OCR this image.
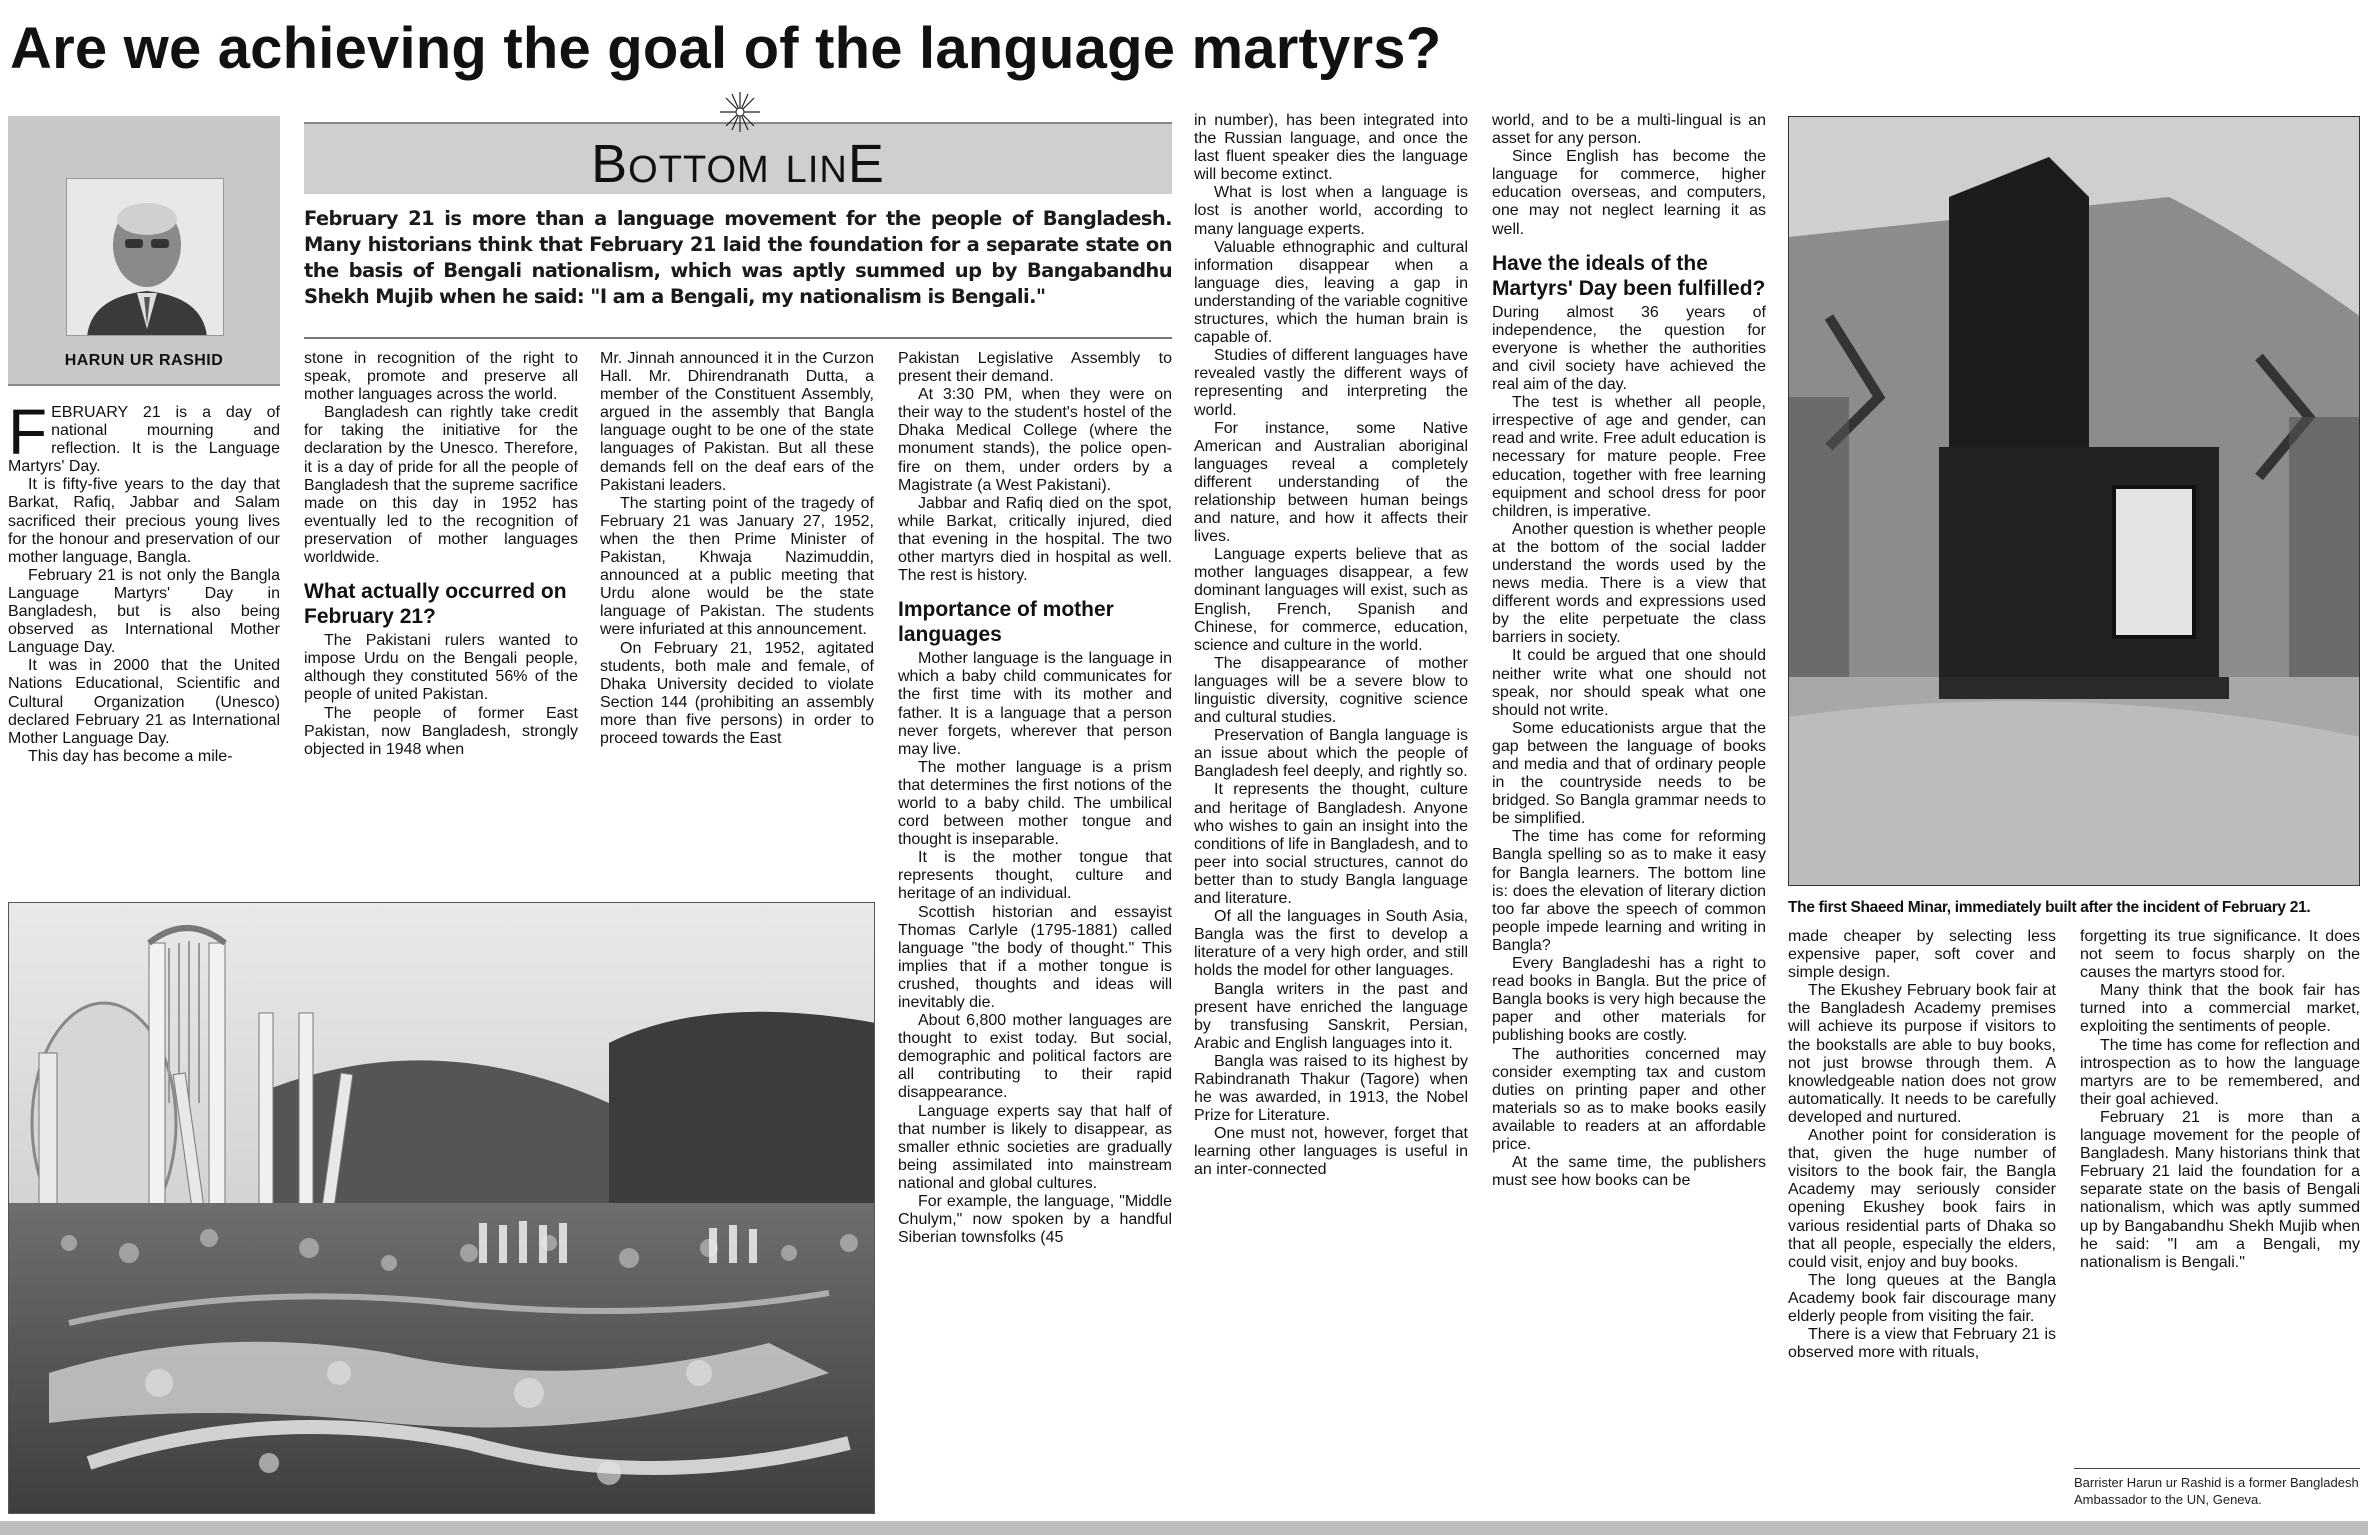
Are we achieving the goal of the language martyrs?
HARUN UR RASHID
Bottom linE
February 21 is more than a language movement for the people of Bangladesh. Many historians think that February 21 laid the foundation for a separate state on the basis of Bengali nationalism, which was aptly summed up by Bangabandhu Shekh Mujib when he said: "I am a Bengali, my nationalism is Bengali."

FEBRUARY 21 is a day of national mourning and reflection. It is the Language Martyrs' Day.

It is fifty-five years to the day that Barkat, Rafiq, Jabbar and Salam sacrificed their precious young lives for the honour and preservation of our mother language, Bangla.

February 21 is not only the Bangla Language Martyrs' Day in Bangladesh, but is also being observed as International Mother Language Day.

It was in 2000 that the United Nations Educational, Scientific and Cultural Organization (Unesco) declared February 21 as International Mother Language Day.

This day has become a mile-

stone in recognition of the right to speak, promote and preserve all mother languages across the world.

Bangladesh can rightly take credit for taking the initiative for the declaration by the Unesco. Therefore, it is a day of pride for all the people of Bangladesh that the supreme sacrifice made on this day in 1952 has eventually led to the recognition of preservation of mother languages worldwide.

What actually occurred on February 21?

The Pakistani rulers wanted to impose Urdu on the Bengali people, although they constituted 56% of the people of united Pakistan.

The people of former East Pakistan, now Bangladesh, strongly objected in 1948 when

Mr. Jinnah announced it in the Curzon Hall. Mr. Dhirendranath Dutta, a member of the Constituent Assembly, argued in the assembly that Bangla language ought to be one of the state languages of Pakistan. But all these demands fell on the deaf ears of the Pakistani leaders.

The starting point of the tragedy of February 21 was January 27, 1952, when the then Prime Minister of Pakistan, Khwaja Nazimuddin, announced at a public meeting that Urdu alone would be the state language of Pakistan. The students were infuriated at this announcement.

On February 21, 1952, agitated students, both male and female, of Dhaka University decided to violate Section 144 (prohibiting an assembly more than five persons) in order to proceed towards the East

Pakistan Legislative Assembly to present their demand.

At 3:30 PM, when they were on their way to the student's hostel of the Dhaka Medical College (where the monument stands), the police open-fire on them, under orders by a Magistrate (a West Pakistani).

Jabbar and Rafiq died on the spot, while Barkat, critically injured, died that evening in the hospital. The two other martyrs died in hospital as well. The rest is history.

Importance of mother languages

Mother language is the language in which a baby child communicates for the first time with its mother and father. It is a language that a person never forgets, wherever that person may live.

The mother language is a prism that determines the first notions of the world to a baby child. The umbilical cord between mother tongue and thought is inseparable.

It is the mother tongue that represents thought, culture and heritage of an individual.

Scottish historian and essayist Thomas Carlyle (1795-1881) called language "the body of thought." This implies that if a mother tongue is crushed, thoughts and ideas will inevitably die.

About 6,800 mother languages are thought to exist today. But social, demographic and political factors are all contributing to their rapid disappearance.

Language experts say that half of that number is likely to disappear, as smaller ethnic societies are gradually being assimilated into mainstream national and global cultures.

For example, the language, "Middle Chulym," now spoken by a handful Siberian townsfolks (45

in number), has been integrated into the Russian language, and once the last fluent speaker dies the language will become extinct.

What is lost when a language is lost is another world, according to many language experts.

Valuable ethnographic and cultural information disappear when a language dies, leaving a gap in understanding of the variable cognitive structures, which the human brain is capable of.

Studies of different languages have revealed vastly the different ways of representing and interpreting the world.

For instance, some Native American and Australian aboriginal languages reveal a completely different understanding of the relationship between human beings and nature, and how it affects their lives.

Language experts believe that as mother languages disappear, a few dominant languages will exist, such as English, French, Spanish and Chinese, for commerce, education, science and culture in the world.

The disappearance of mother languages will be a severe blow to linguistic diversity, cognitive science and cultural studies.

Preservation of Bangla language is an issue about which the people of Bangladesh feel deeply, and rightly so.

It represents the thought, culture and heritage of Bangladesh. Anyone who wishes to gain an insight into the conditions of life in Bangladesh, and to peer into social structures, cannot do better than to study Bangla language and literature.

Of all the languages in South Asia, Bangla was the first to develop a literature of a very high order, and still holds the model for other languages.

Bangla writers in the past and present have enriched the language by transfusing Sanskrit, Persian, Arabic and English languages into it.

Bangla was raised to its highest by Rabindranath Thakur (Tagore) when he was awarded, in 1913, the Nobel Prize for Literature.

One must not, however, forget that learning other languages is useful in an inter-connected

world, and to be a multi-lingual is an asset for any person.

Since English has become the language for commerce, higher education overseas, and computers, one may not neglect learning it as well.

Have the ideals of the Martyrs' Day been fulfilled?

During almost 36 years of independence, the question for everyone is whether the authorities and civil society have achieved the real aim of the day.

The test is whether all people, irrespective of age and gender, can read and write. Free adult education is necessary for mature people. Free education, together with free learning equipment and school dress for poor children, is imperative.

Another question is whether people at the bottom of the social ladder understand the words used by the news media. There is a view that different words and expressions used by the elite perpetuate the class barriers in society.

It could be argued that one should neither write what one should not speak, nor should speak what one should not write.

Some educationists argue that the gap between the language of books and media and that of ordinary people in the countryside needs to be bridged. So Bangla grammar needs to be simplified.

The time has come for reforming Bangla spelling so as to make it easy for Bangla learners. The bottom line is: does the elevation of literary diction too far above the speech of common people impede learning and writing in Bangla?

Every Bangladeshi has a right to read books in Bangla. But the price of Bangla books is very high because the paper and other materials for publishing books are costly.

The authorities concerned may consider exempting tax and custom duties on printing paper and other materials so as to make books easily available to readers at an affordable price.

At the same time, the publishers must see how books can be

made cheaper by selecting less expensive paper, soft cover and simple design.

The Ekushey February book fair at the Bangladesh Academy premises will achieve its purpose if visitors to the bookstalls are able to buy books, not just browse through them. A knowledgeable nation does not grow automatically. It needs to be carefully developed and nurtured.

Another point for consideration is that, given the huge number of visitors to the book fair, the Bangla Academy may seriously consider opening Ekushey book fairs in various residential parts of Dhaka so that all people, especially the elders, could visit, enjoy and buy books.

The long queues at the Bangla Academy book fair discourage many elderly people from visiting the fair.

There is a view that February 21 is observed more with rituals,

forgetting its true significance. It does not seem to focus sharply on the causes the martyrs stood for.

Many think that the book fair has turned into a commercial market, exploiting the sentiments of people.

The time has come for reflection and introspection as to how the language martyrs are to be remembered, and their goal achieved.

February 21 is more than a language movement for the people of Bangladesh. Many historians think that February 21 laid the foundation for a separate state on the basis of Bengali nationalism, which was aptly summed up by Bangabandhu Shekh Mujib when he said: "I am a Bengali, my nationalism is Bengali."

Barrister Harun ur Rashid is a former Bangladesh Ambassador to the UN, Geneva.
The first Shaeed Minar, immediately built after the incident of February 21.
